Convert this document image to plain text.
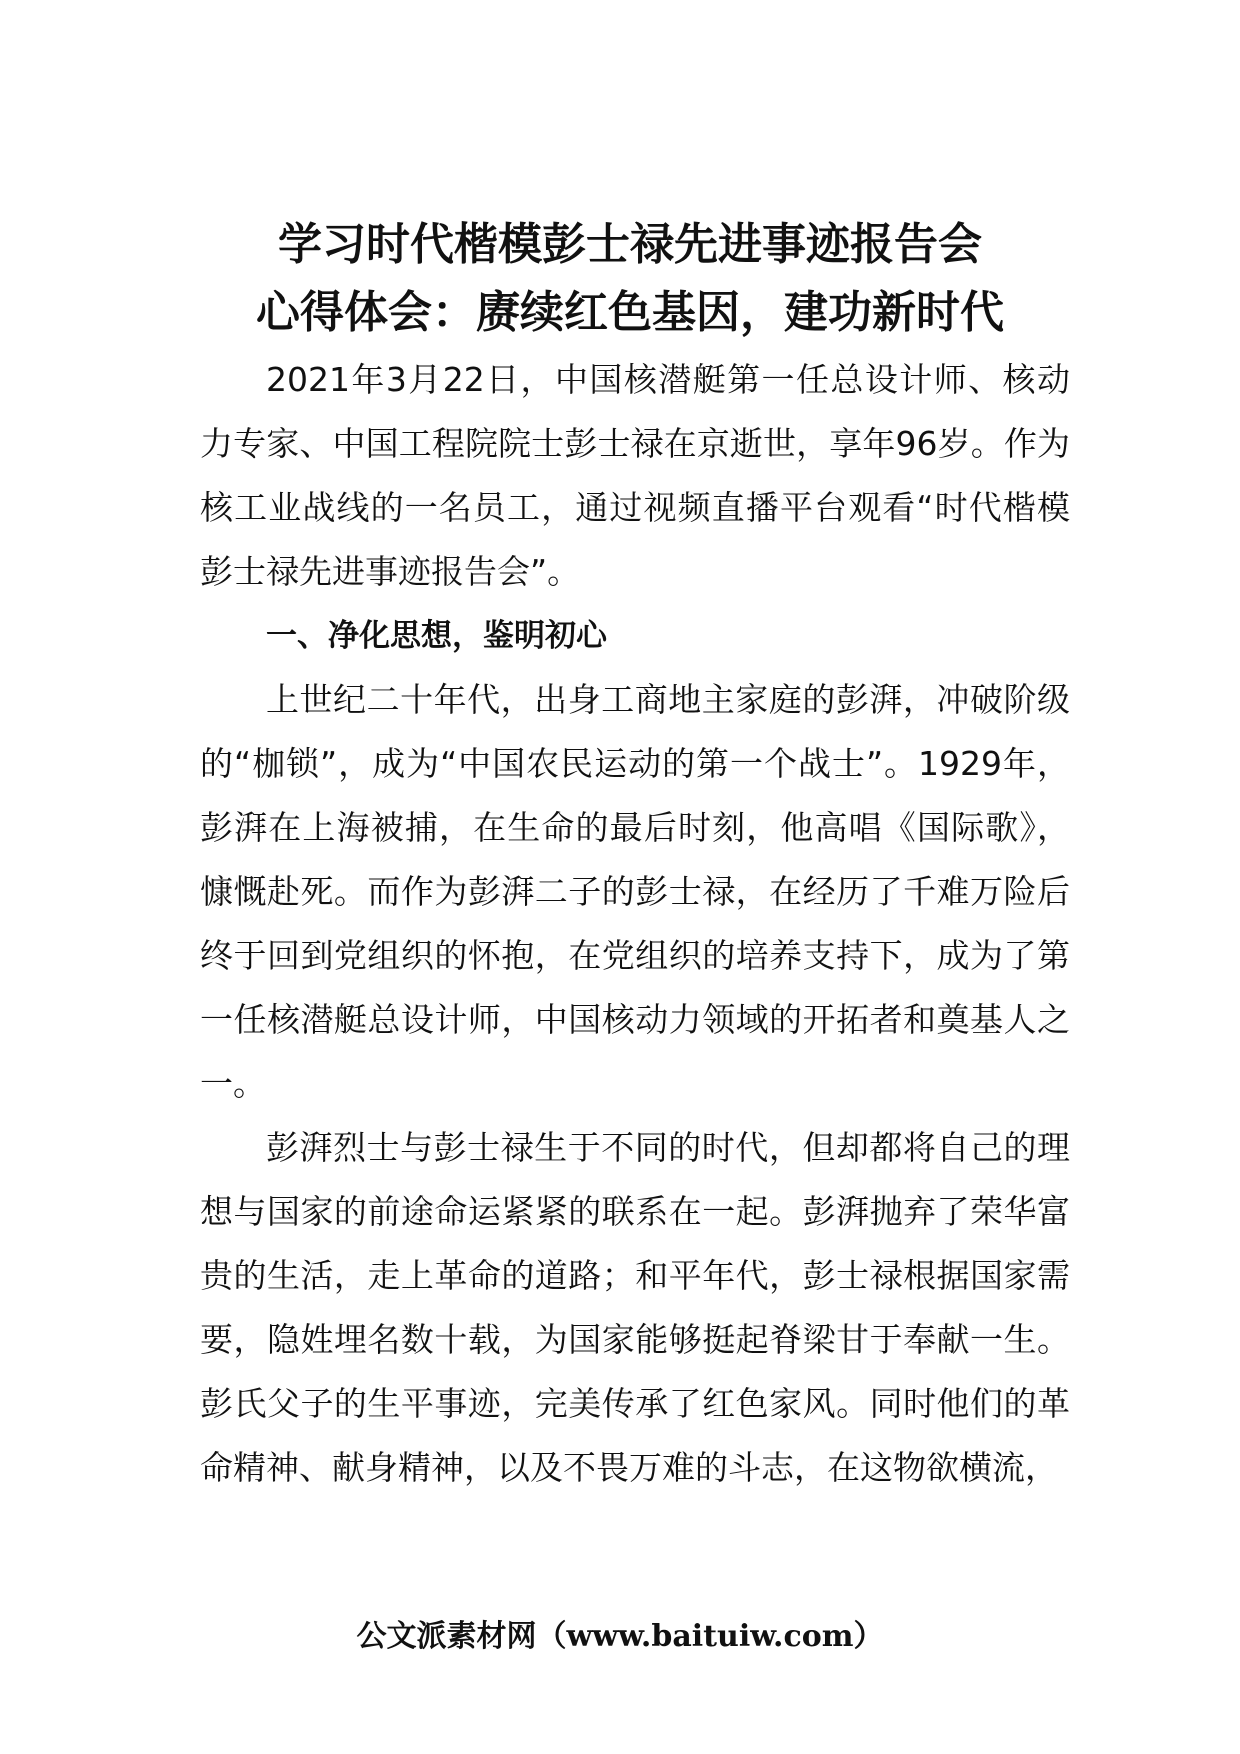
学习时代楷模彭士禄先进事迹报告会
心得体会：赓续红色基因，建功新时代

2021年3月22日，中国核潜艇第一任总设计师、核动力专家、中国工程院院士彭士禄在京逝世，享年96岁。作为核工业战线的一名员工，通过视频直播平台观看“时代楷模彭士禄先进事迹报告会”。

一、净化思想，鉴明初心

上世纪二十年代，出身工商地主家庭的彭湃，冲破阶级的“枷锁”，成为“中国农民运动的第一个战士”。1929年，彭湃在上海被捕，在生命的最后时刻，他高唱《国际歌》，慷慨赴死。而作为彭湃二子的彭士禄，在经历了千难万险后终于回到党组织的怀抱，在党组织的培养支持下，成为了第一任核潜艇总设计师，中国核动力领域的开拓者和奠基人之一。

彭湃烈士与彭士禄生于不同的时代，但却都将自己的理想与国家的前途命运紧紧的联系在一起。彭湃抛弃了荣华富贵的生活，走上革命的道路；和平年代，彭士禄根据国家需要，隐姓埋名数十载，为国家能够挺起脊梁甘于奉献一生。彭氏父子的生平事迹，完美传承了红色家风。同时他们的革命精神、献身精神，以及不畏万难的斗志，在这物欲横流，

公文派素材网（www.baituiw.com）
